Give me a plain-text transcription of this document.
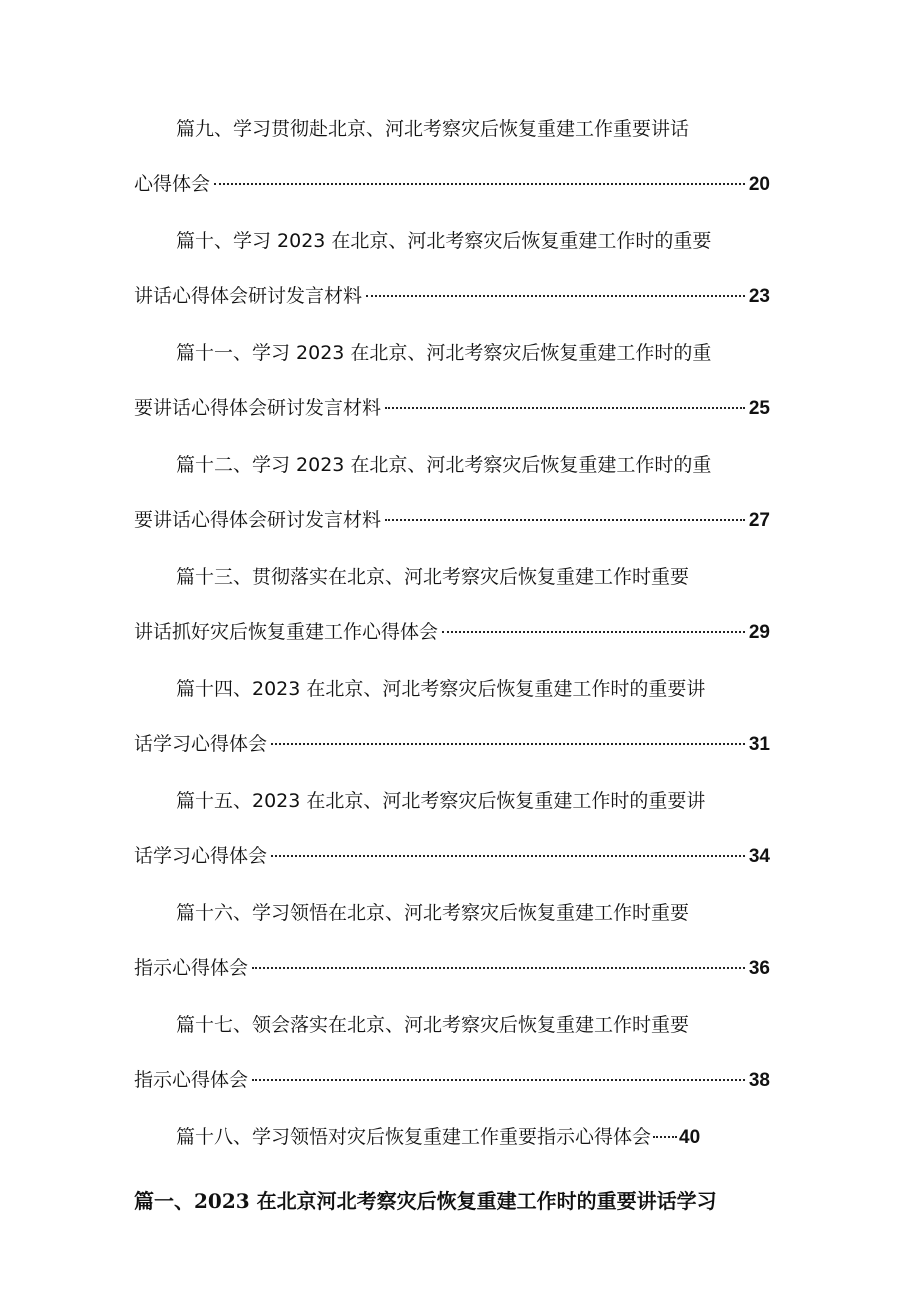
篇九、学习贯彻赴北京、河北考察灾后恢复重建工作重要讲话
心得体会	20
篇十、学习 2023 在北京、河北考察灾后恢复重建工作时的重要
讲话心得体会研讨发言材料	23
篇十一、学习 2023 在北京、河北考察灾后恢复重建工作时的重
要讲话心得体会研讨发言材料	25
篇十二、学习 2023 在北京、河北考察灾后恢复重建工作时的重
要讲话心得体会研讨发言材料	27
篇十三、贯彻落实在北京、河北考察灾后恢复重建工作时重要
讲话抓好灾后恢复重建工作心得体会	29
篇十四、2023 在北京、河北考察灾后恢复重建工作时的重要讲
话学习心得体会	31
篇十五、2023 在北京、河北考察灾后恢复重建工作时的重要讲
话学习心得体会	34
篇十六、学习领悟在北京、河北考察灾后恢复重建工作时重要
指示心得体会	36
篇十七、领会落实在北京、河北考察灾后恢复重建工作时重要
指示心得体会	38
篇十八、学习领悟对灾后恢复重建工作重要指示心得体会 40
篇一、2023 在北京河北考察灾后恢复重建工作时的重要讲话学习
